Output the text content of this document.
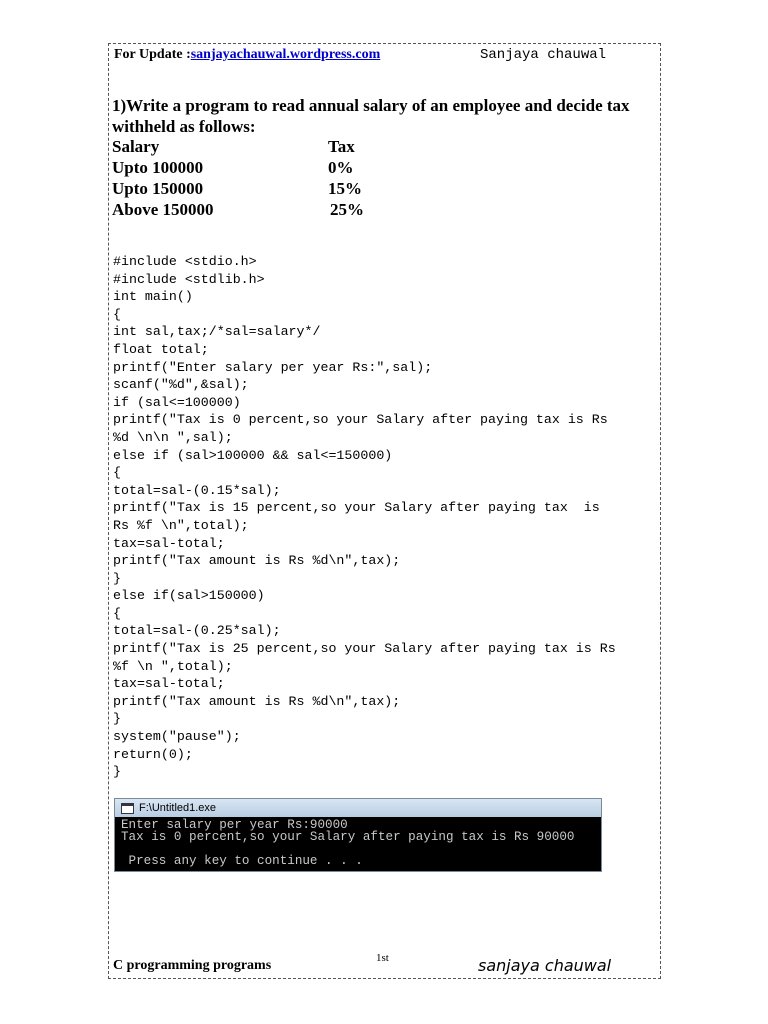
For Update :sanjayachauwal.wordpress.com	Sanjaya chauwal
1)Write a program to read annual salary of an employee and decide tax withheld as follows:
Salary	Tax
Upto 100000	0%
Upto 150000	15%
Above 150000	25%
#include <stdio.h>
#include <stdlib.h>
int main()
{
int sal,tax;/*sal=salary*/
float total;
printf("Enter salary per year Rs:",sal);
scanf("%d",&sal);
if (sal<=100000)
printf("Tax is 0 percent,so your Salary after paying tax is Rs
%d \n\n ",sal);
else if (sal>100000 && sal<=150000)
{
total=sal-(0.15*sal);
printf("Tax is 15 percent,so your Salary after paying tax  is
Rs %f \n",total);
tax=sal-total;
printf("Tax amount is Rs %d\n",tax);
}
else if(sal>150000)
{
total=sal-(0.25*sal);
printf("Tax is 25 percent,so your Salary after paying tax is Rs
%f \n ",total);
tax=sal-total;
printf("Tax amount is Rs %d\n",tax);
}
system("pause");
return(0);
}
F:\Untitled1.exe
Enter salary per year Rs:90000
Tax is 0 percent,so your Salary after paying tax is Rs 90000

Press any key to continue . . .
C programming programs	1st	sanjaya chauwal
